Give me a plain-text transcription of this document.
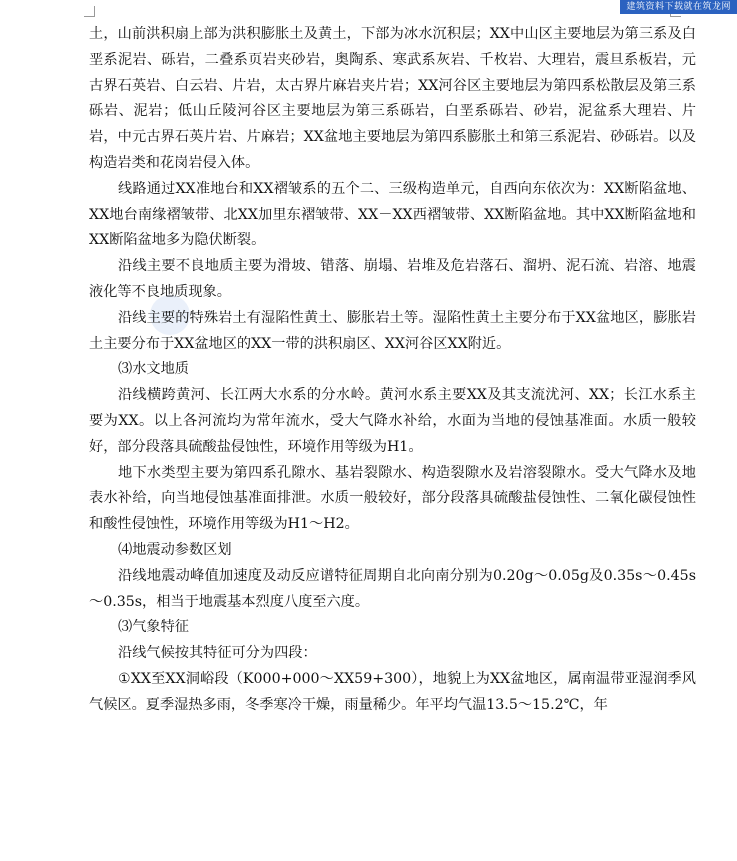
建筑资料下载就在筑龙网

土，山前洪积扇上部为洪积膨胀土及黄土，下部为冰水沉积层；XX中山区主要地层为第三系及白垩系泥岩、砾岩，二叠系页岩夹砂岩，奥陶系、寒武系灰岩、千枚岩、大理岩，震旦系板岩，元古界石英岩、白云岩、片岩，太古界片麻岩夹片岩；XX河谷区主要地层为第四系松散层及第三系砾岩、泥岩；低山丘陵河谷区主要地层为第三系砾岩，白垩系砾岩、砂岩，泥盆系大理岩、片岩，中元古界石英片岩、片麻岩；XX盆地主要地层为第四系膨胀土和第三系泥岩、砂砾岩。以及构造岩类和花岗岩侵入体。

线路通过XX准地台和XX褶皱系的五个二、三级构造单元，自西向东依次为：XX断陷盆地、XX地台南缘褶皱带、北XX加里东褶皱带、XX－XX西褶皱带、XX断陷盆地。其中XX断陷盆地和XX断陷盆地多为隐伏断裂。

沿线主要不良地质主要为滑坡、错落、崩塌、岩堆及危岩落石、溜坍、泥石流、岩溶、地震液化等不良地质现象。

沿线主要的特殊岩土有湿陷性黄土、膨胀岩土等。湿陷性黄土主要分布于XX盆地区，膨胀岩土主要分布于XX盆地区的XX一带的洪积扇区、XX河谷区XX附近。

⑶水文地质

沿线横跨黄河、长江两大水系的分水岭。黄河水系主要XX及其支流沋河、XX；长江水系主要为XX。以上各河流均为常年流水，受大气降水补给，水面为当地的侵蚀基准面。水质一般较好，部分段落具硫酸盐侵蚀性，环境作用等级为H1。

地下水类型主要为第四系孔隙水、基岩裂隙水、构造裂隙水及岩溶裂隙水。受大气降水及地表水补给，向当地侵蚀基准面排泄。水质一般较好，部分段落具硫酸盐侵蚀性、二氧化碳侵蚀性和酸性侵蚀性，环境作用等级为H1～H2。

⑷地震动参数区划

沿线地震动峰值加速度及动反应谱特征周期自北向南分别为0.20g～0.05g及0.35s～0.45s～0.35s，相当于地震基本烈度八度至六度。

⑶气象特征

沿线气候按其特征可分为四段：

①XX至XX洞峪段（K000+000～XX59+300），地貌上为XX盆地区，属南温带亚湿润季风气候区。夏季湿热多雨，冬季寒冷干燥，雨量稀少。年平均气温13.5～15.2℃，年
